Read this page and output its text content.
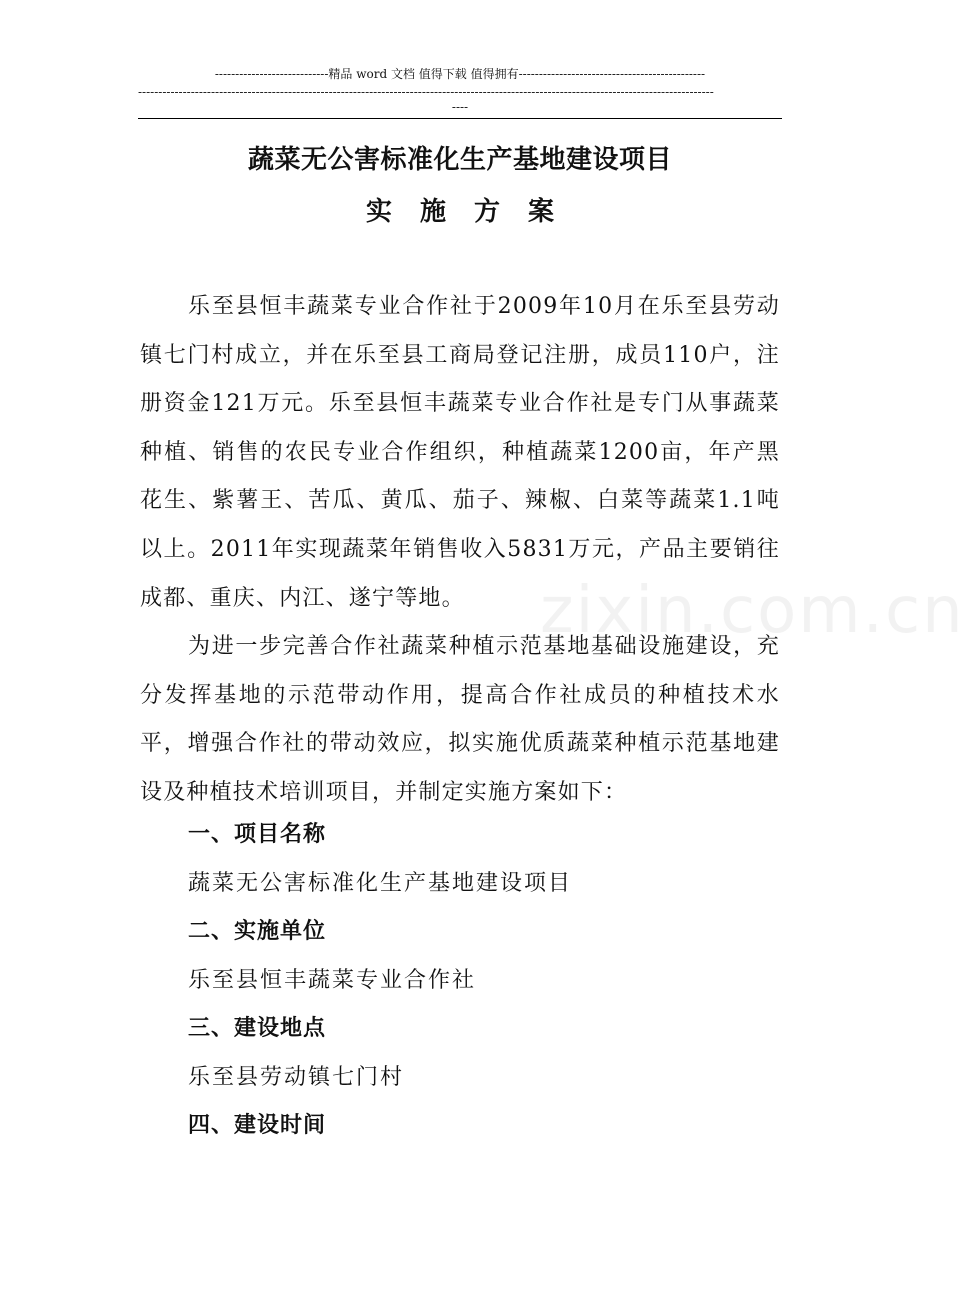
----------------------------精品 word 文档 值得下载 值得拥有----------------------------------------------
----------------------------------------------------------------------------------------------------------------------------------------------
----
蔬菜无公害标准化生产基地建设项目
实施方案
zixin.com.cn
乐至县恒丰蔬菜专业合作社于2009年10月在乐至县劳动镇七门村成立，并在乐至县工商局登记注册，成员110户，注册资金121万元。乐至县恒丰蔬菜专业合作社是专门从事蔬菜种植、销售的农民专业合作组织，种植蔬菜1200亩，年产黑花生、紫薯王、苦瓜、黄瓜、茄子、辣椒、白菜等蔬菜1.1吨以上。2011年实现蔬菜年销售收入5831万元，产品主要销往成都、重庆、内江、遂宁等地。
为进一步完善合作社蔬菜种植示范基地基础设施建设，充分发挥基地的示范带动作用，提高合作社成员的种植技术水平，增强合作社的带动效应，拟实施优质蔬菜种植示范基地建设及种植技术培训项目，并制定实施方案如下：
一、项目名称
蔬菜无公害标准化生产基地建设项目
二、实施单位
乐至县恒丰蔬菜专业合作社
三、建设地点
乐至县劳动镇七门村
四、建设时间
